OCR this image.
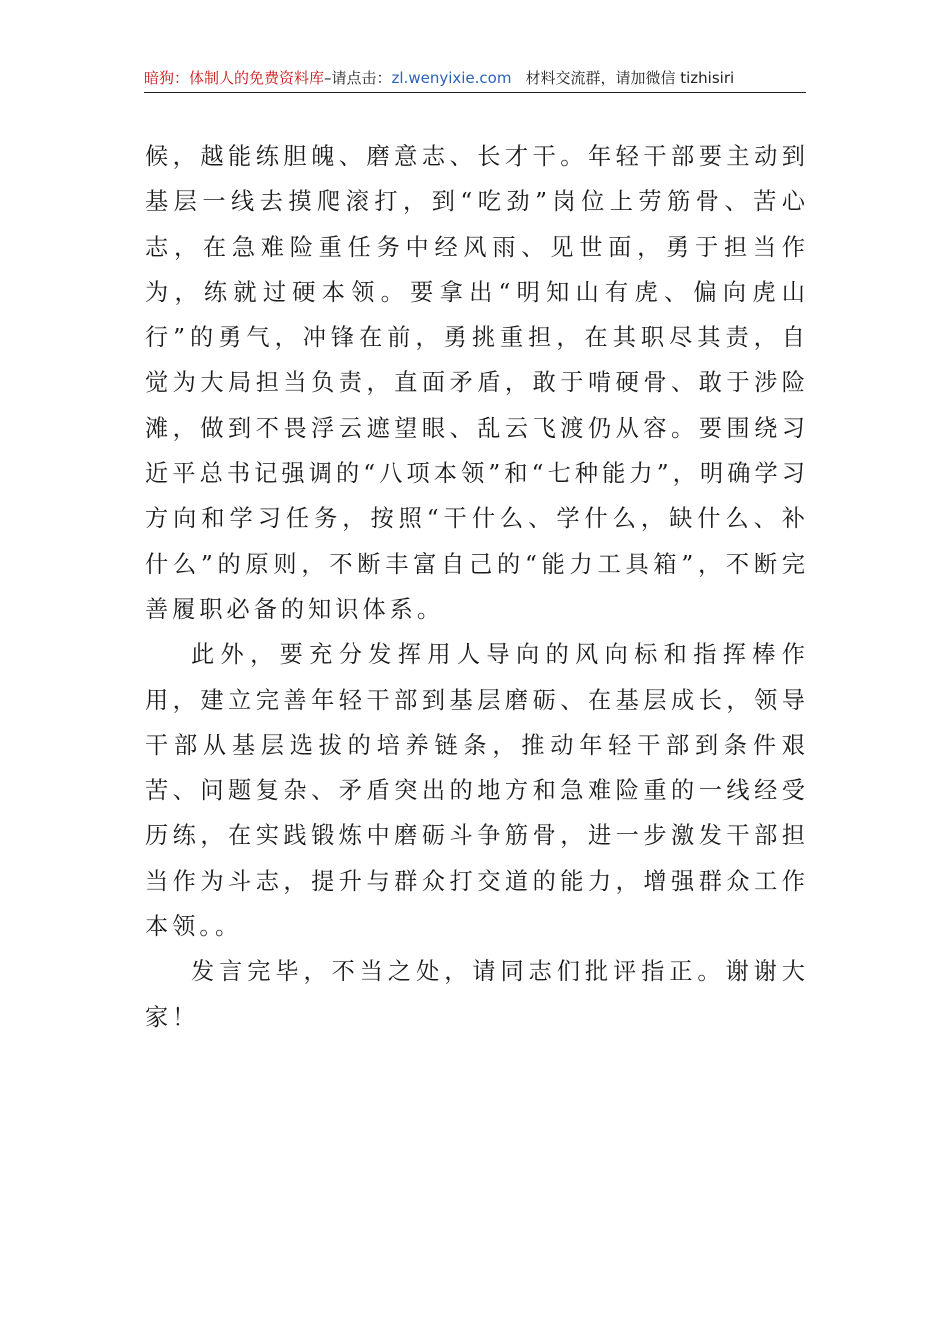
暗狗：体制人的免费资料库–请点击：zl.wenyixie.com 材料交流群，请加微信 tizhisiri

候，越能练胆魄、磨意志、长才干。年轻干部要主动到基层一线去摸爬滚打，到“吃劲”岗位上劳筋骨、苦心志，在急难险重任务中经风雨、见世面，勇于担当作为，练就过硬本领。要拿出“明知山有虎、偏向虎山行”的勇气，冲锋在前，勇挑重担，在其职尽其责，自觉为大局担当负责，直面矛盾，敢于啃硬骨、敢于涉险滩，做到不畏浮云遮望眼、乱云飞渡仍从容。要围绕习近平总书记强调的“八项本领”和“七种能力”，明确学习方向和学习任务，按照“干什么、学什么，缺什么、补什么”的原则，不断丰富自己的“能力工具箱”，不断完善履职必备的知识体系。

此外，要充分发挥用人导向的风向标和指挥棒作用，建立完善年轻干部到基层磨砺、在基层成长，领导干部从基层选拔的培养链条，推动年轻干部到条件艰苦、问题复杂、矛盾突出的地方和急难险重的一线经受历练，在实践锻炼中磨砺斗争筋骨，进一步激发干部担当作为斗志，提升与群众打交道的能力，增强群众工作本领。。

发言完毕，不当之处，请同志们批评指正。谢谢大家！
